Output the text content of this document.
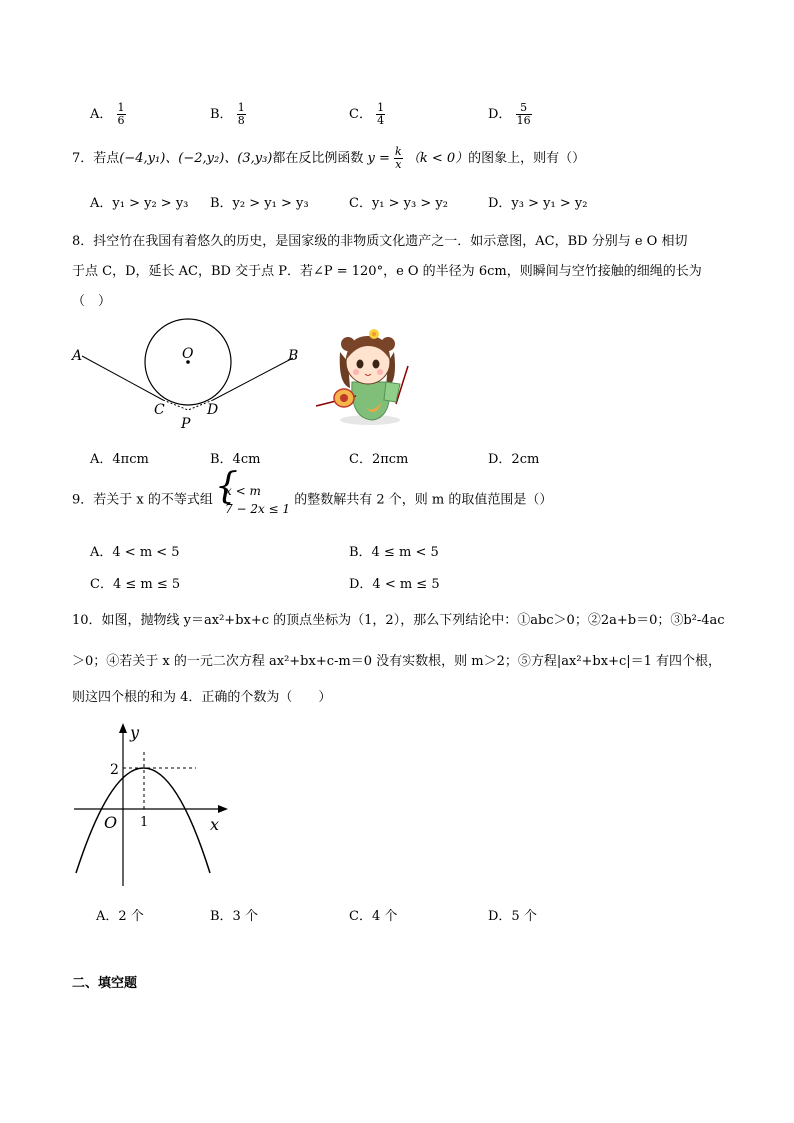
A． $\frac{1}{6}$	B． $\frac{1}{8}$	C． $\frac{1}{4}$	D． $\frac{5}{16}$
7．若点(−4,y₁)、(−2,y₂)、(3,y₃)都在反比例函数 $y = \frac{k}{x} (k < 0)$的图象上，则有（）
A．y₁ > y₂ > y₃ B．y₂ > y₁ > y₃	C．y₁ > y₃ > y₂	D．y₃ > y₁ > y₂
8．抖空竹在我国有着悠久的历史，是国家级的非物质文化遗产之一．如示意图，AC，BD 分别与 e O 相切
于点 C，D，延长 AC，BD 交于点 P．若∠P = 120°，e O 的半径为 6cm，则瞬间与空竹接触的细绳的长为
（　）
A	B
O
C	D
P
A．4πcm	B．4cm	C．2πcm	D．2cm
9．若关于 x 的不等式组
{ x < m
7 − 2x ≤ 1
的整数解共有 2 个，则 m 的取值范围是（）
A．4 < m < 5	B．4 ≤ m < 5
C．4 ≤ m ≤ 5	D．4 < m ≤ 5
10．如图，抛物线 y＝ax²+bx+c 的顶点坐标为（1，2），那么下列结论中：①abc＞0；②2a+b＝0；③b²-4ac
＞0；④若关于 x 的一元二次方程 ax²+bx+c-m＝0 没有实数根，则 m＞2；⑤方程|ax²+bx+c|＝1 有四个根，
则这四个根的和为 4．正确的个数为（　　）
y
x
O
2
1
A．2 个	B．3 个	C．4 个	D．5 个
二、填空题
